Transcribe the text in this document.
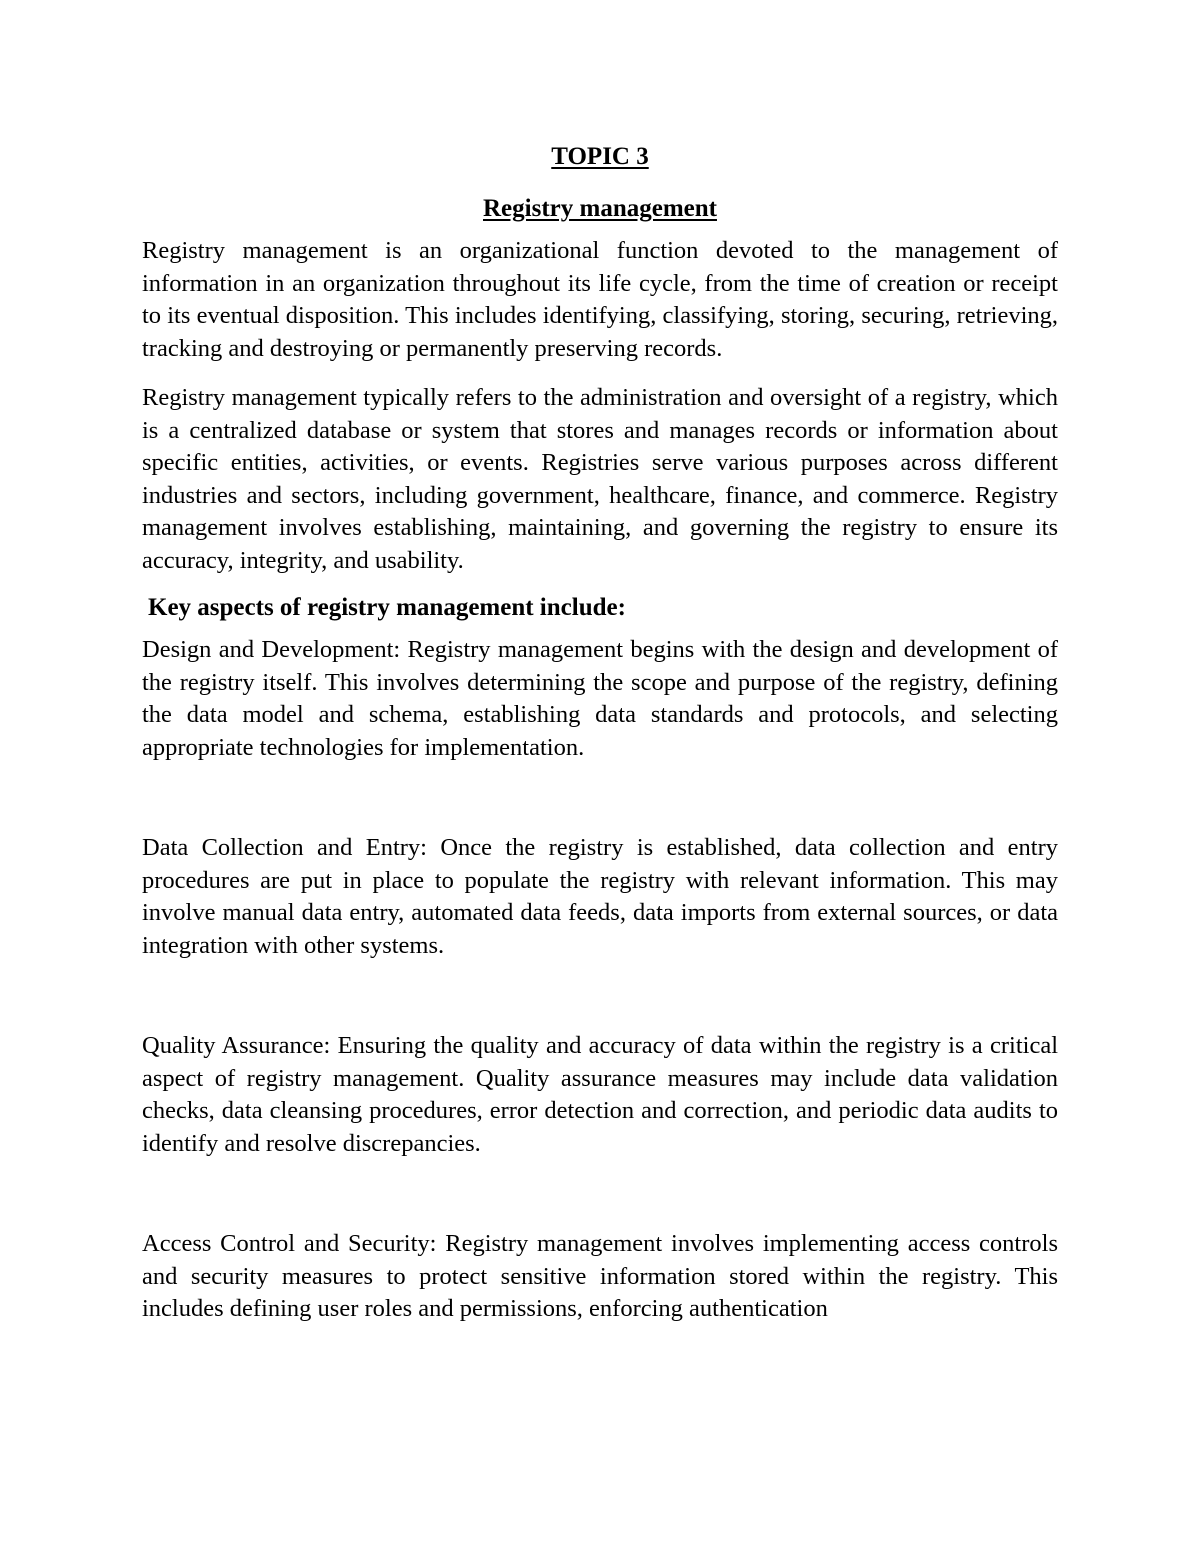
TOPIC 3
Registry management

Registry management is an organizational function devoted to the management of information in an organization throughout its life cycle, from the time of creation or receipt to its eventual disposition. This includes identifying, classifying, storing, securing, retrieving, tracking and destroying or permanently preserving records.

Registry management typically refers to the administration and oversight of a registry, which is a centralized database or system that stores and manages records or information about specific entities, activities, or events. Registries serve various purposes across different industries and sectors, including government, healthcare, finance, and commerce. Registry management involves establishing, maintaining, and governing the registry to ensure its accuracy, integrity, and usability.

Key aspects of registry management include:

Design and Development: Registry management begins with the design and development of the registry itself. This involves determining the scope and purpose of the registry, defining the data model and schema, establishing data standards and protocols, and selecting appropriate technologies for implementation.

Data Collection and Entry: Once the registry is established, data collection and entry procedures are put in place to populate the registry with relevant information. This may involve manual data entry, automated data feeds, data imports from external sources, or data integration with other systems.

Quality Assurance: Ensuring the quality and accuracy of data within the registry is a critical aspect of registry management. Quality assurance measures may include data validation checks, data cleansing procedures, error detection and correction, and periodic data audits to identify and resolve discrepancies.

Access Control and Security: Registry management involves implementing access controls and security measures to protect sensitive information stored within the registry. This includes defining user roles and permissions, enforcing authentication
